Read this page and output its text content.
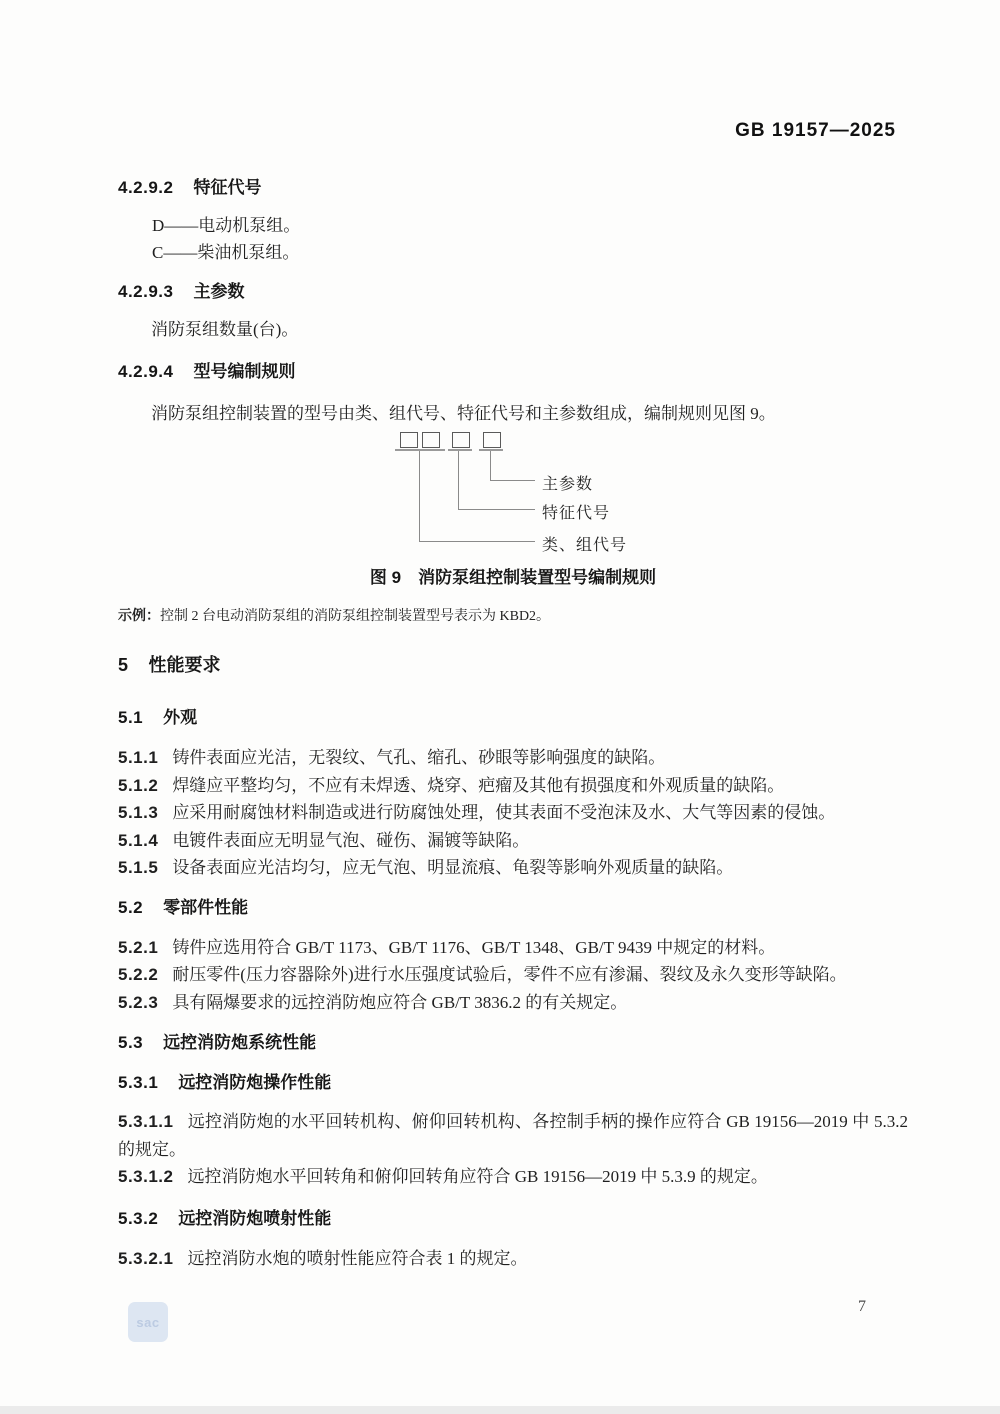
GB 19157—2025

4.2.9.2 特征代号

D——电动机泵组。

C——柴油机泵组。

4.2.9.3 主参数

消防泵组数量(台)。

4.2.9.4 型号编制规则

消防泵组控制装置的型号由类、组代号、特征代号和主参数组成，编制规则见图 9。

主参数
特征代号
类、组代号

图 9　消防泵组控制装置型号编制规则

示例：控制 2 台电动消防泵组的消防泵组控制装置型号表示为 KBD2。

5 性能要求

5.1 外观

5.1.1 铸件表面应光洁，无裂纹、气孔、缩孔、砂眼等影响强度的缺陷。

5.1.2 焊缝应平整均匀，不应有未焊透、烧穿、疤瘤及其他有损强度和外观质量的缺陷。

5.1.3 应采用耐腐蚀材料制造或进行防腐蚀处理，使其表面不受泡沫及水、大气等因素的侵蚀。

5.1.4 电镀件表面应无明显气泡、碰伤、漏镀等缺陷。

5.1.5 设备表面应光洁均匀，应无气泡、明显流痕、龟裂等影响外观质量的缺陷。

5.2 零部件性能

5.2.1 铸件应选用符合 GB/T 1173、GB/T 1176、GB/T 1348、GB/T 9439 中规定的材料。

5.2.2 耐压零件(压力容器除外)进行水压强度试验后，零件不应有渗漏、裂纹及永久变形等缺陷。

5.2.3 具有隔爆要求的远控消防炮应符合 GB/T 3836.2 的有关规定。

5.3 远控消防炮系统性能

5.3.1 远控消防炮操作性能

5.3.1.1 远控消防炮的水平回转机构、俯仰回转机构、各控制手柄的操作应符合 GB 19156—2019 中 5.3.2 的规定。

5.3.1.2 远控消防炮水平回转角和俯仰回转角应符合 GB 19156—2019 中 5.3.9 的规定。

5.3.2 远控消防炮喷射性能

5.3.2.1 远控消防水炮的喷射性能应符合表 1 的规定。

sac
7
